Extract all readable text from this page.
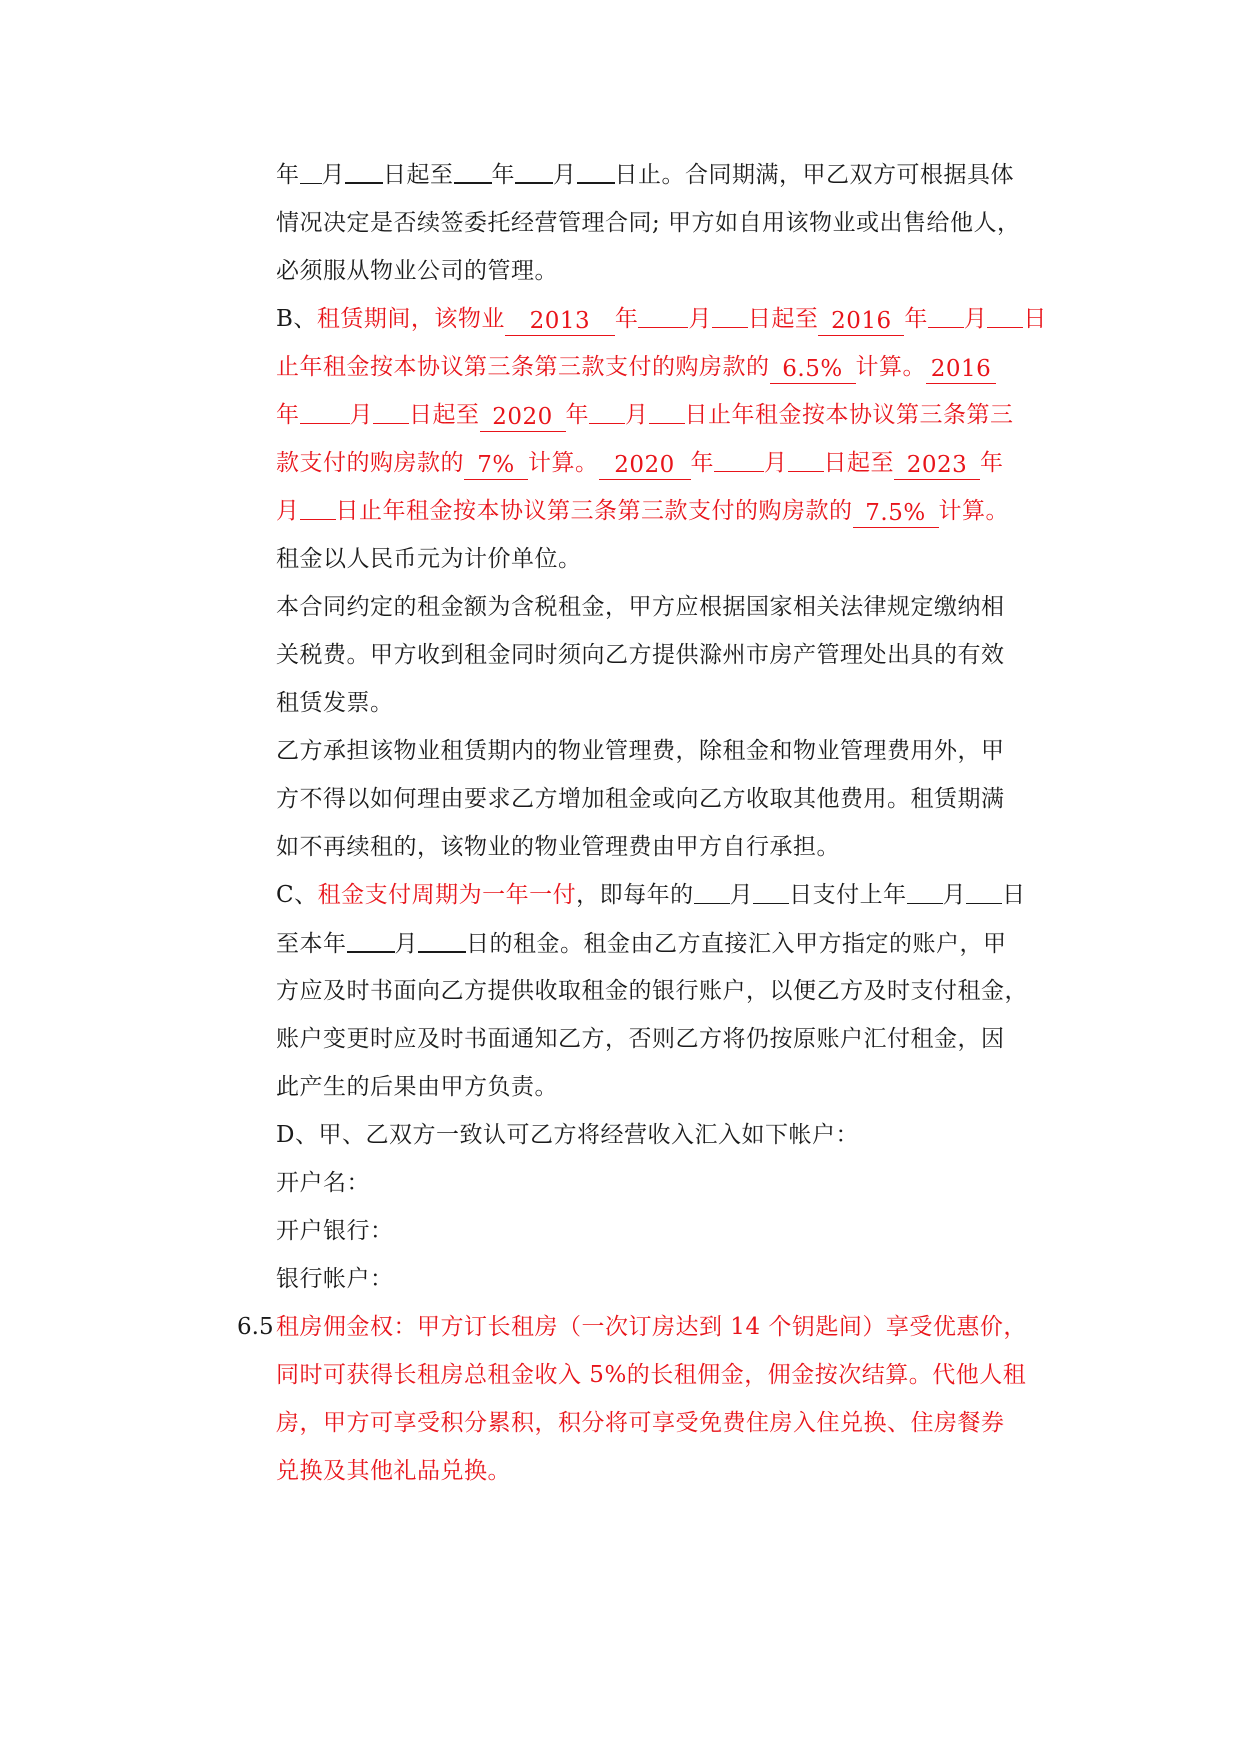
年 月 日起至 年 月 日止。合同期满，甲乙双方可根据具体
情况决定是否续签委托经营管理合同; 甲方如自用该物业或出售给他人，
必须服从物业公司的管理。
B、租赁期间，该物业 2013 年 月 日起至 2016 年 月 日
止年租金按本协议第三条第三款支付的购房款的 6.5% 计算。 2016
年 月 日起至 2020 年 月 日止年租金按本协议第三条第三
款支付的购房款的 7% 计算。 2020 年 月 日起至 2023 年
月 日止年租金按本协议第三条第三款支付的购房款的 7.5% 计算。
租金以人民币元为计价单位。
本合同约定的租金额为含税租金，甲方应根据国家相关法律规定缴纳相
关税费。甲方收到租金同时须向乙方提供滁州市房产管理处出具的有效
租赁发票。
乙方承担该物业租赁期内的物业管理费，除租金和物业管理费用外，甲
方不得以如何理由要求乙方增加租金或向乙方收取其他费用。租赁期满
如不再续租的，该物业的物业管理费由甲方自行承担。
C、租金支付周期为一年一付，即每年的 月 日支付上年 月 日
至本年 月 日的租金。租金由乙方直接汇入甲方指定的账户，甲
方应及时书面向乙方提供收取租金的银行账户，以便乙方及时支付租金，
账户变更时应及时书面通知乙方，否则乙方将仍按原账户汇付租金，因
此产生的后果由甲方负责。
D、甲、乙双方一致认可乙方将经营收入汇入如下帐户：
开户名：
开户银行：
银行帐户：
6.5 租房佣金权：甲方订长租房（一次订房达到 14 个钥匙间）享受优惠价，
同时可获得长租房总租金收入 5%的长租佣金，佣金按次结算。代他人租
房，甲方可享受积分累积，积分将可享受免费住房入住兑换、住房餐券
兑换及其他礼品兑换。
